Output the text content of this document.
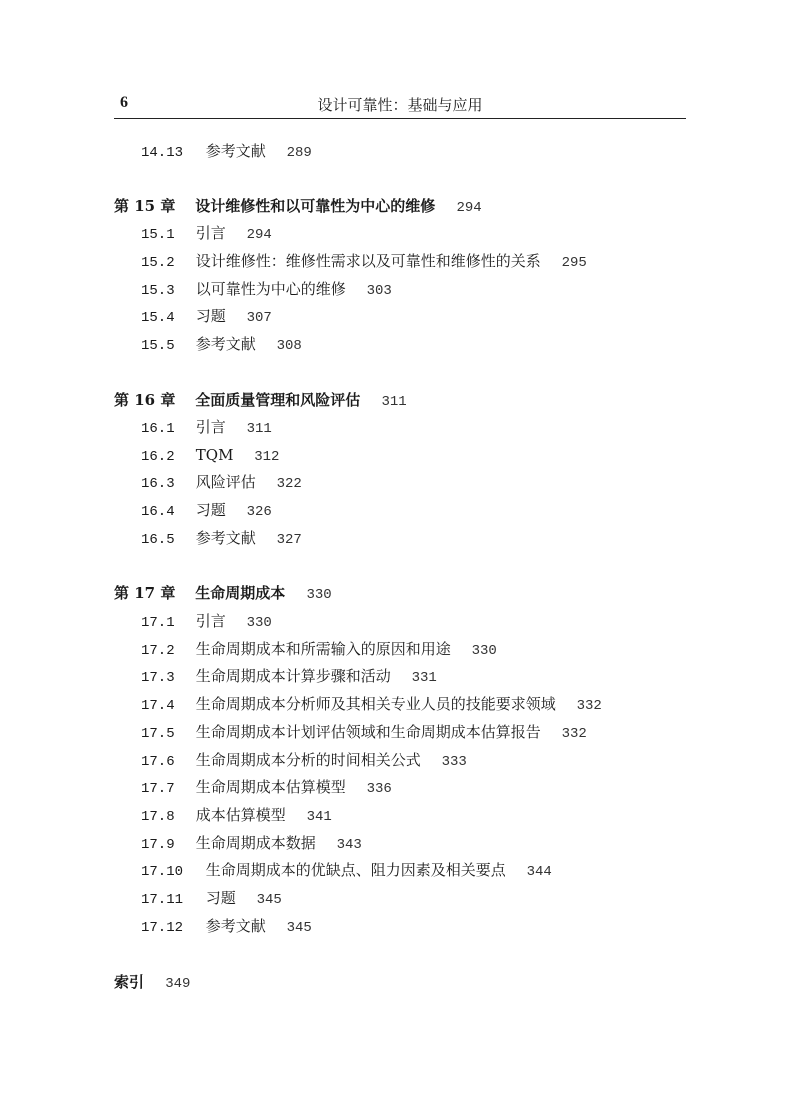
6	设计可靠性：基础与应用
14.13 参考文献 289
第 15 章 设计维修性和以可靠性为中心的维修 294
15.1 引言 294
15.2 设计维修性：维修性需求以及可靠性和维修性的关系 295
15.3 以可靠性为中心的维修 303
15.4 习题 307
15.5 参考文献 308
第 16 章 全面质量管理和风险评估 311
16.1 引言 311
16.2 TQM 312
16.3 风险评估 322
16.4 习题 326
16.5 参考文献 327
第 17 章 生命周期成本 330
17.1 引言 330
17.2 生命周期成本和所需输入的原因和用途 330
17.3 生命周期成本计算步骤和活动 331
17.4 生命周期成本分析师及其相关专业人员的技能要求领域 332
17.5 生命周期成本计划评估领域和生命周期成本估算报告 332
17.6 生命周期成本分析的时间相关公式 333
17.7 生命周期成本估算模型 336
17.8 成本估算模型 341
17.9 生命周期成本数据 343
17.10 生命周期成本的优缺点、阻力因素及相关要点 344
17.11 习题 345
17.12 参考文献 345
索引 349
